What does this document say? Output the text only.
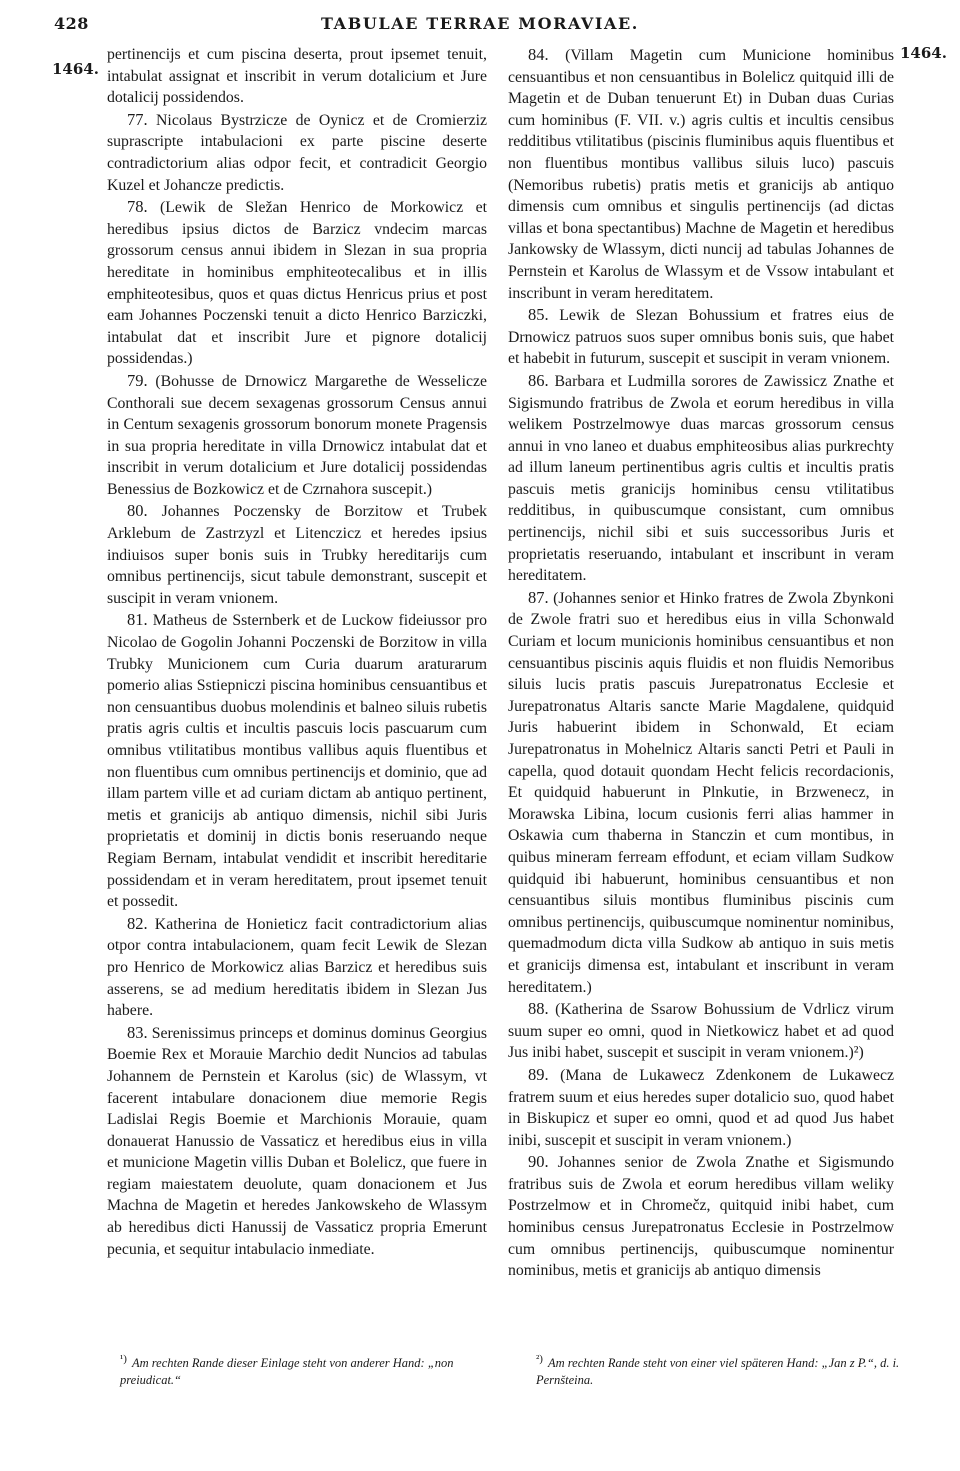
428	TABULAE TERRAE MORAVIAE.
1464.
1464.

pertinencijs et cum piscina deserta, prout ipsemet tenuit, intabulat assignat et inscribit in verum dotalicium et Jure dotalicij possidendos.

77. Nicolaus Bystrzicze de Oynicz et de Cromierziz suprascripte intabulacioni ex parte piscine deserte contradictorium alias odpor fecit, et contradicit Georgio Kuzel et Johancze predictis.

78. (Lewik de Sležan Henrico de Morkowicz et heredibus ipsius dictos de Barzicz vndecim marcas grossorum census annui ibidem in Slezan in sua propria hereditate in hominibus emphiteotecalibus et in illis emphiteotesibus, quos et quas dictus Henricus prius et post eam Johannes Poczenski tenuit a dicto Henrico Barziczki, intabulat dat et inscribit Jure et pignore dotalicij possidendas.)

79. (Bohusse de Drnowicz Margarethe de Wesselicze Conthorali sue decem sexagenas grossorum Census annui in Centum sexagenis grossorum bonorum monete Pragensis in sua propria hereditate in villa Drnowicz intabulat dat et inscribit in verum dotalicium et Jure dotalicij possidendas Benessius de Bozkowicz et de Czrnahora suscepit.)

80. Johannes Poczensky de Borzitow et Trubek Arklebum de Zastrzyzl et Litenczicz et heredes ipsius indiuisos super bonis suis in Trubky hereditarijs cum omnibus pertinencijs, sicut tabule demonstrant, suscepit et suscipit in veram vnionem.

81. Matheus de Ssternberk et de Luckow fideiussor pro Nicolao de Gogolin Johanni Poczenski de Borzitow in villa Trubky Municionem cum Curia duarum araturarum pomerio alias Sstiepniczi piscina hominibus censuantibus et non censuantibus duobus molendinis et balneo siluis rubetis pratis agris cultis et incultis pascuis locis pascuarum cum omnibus vtilitatibus montibus vallibus aquis fluentibus et non fluentibus cum omnibus pertinencijs et dominio, que ad illam partem ville et ad curiam dictam ab antiquo pertinent, metis et granicijs ab antiquo dimensis, nichil sibi Juris proprietatis et dominij in dictis bonis reseruando neque Regiam Bernam, intabulat vendidit et inscribit hereditarie possidendam et in veram hereditatem, prout ipsemet tenuit et possedit.

82. Katherina de Honieticz facit contradictorium alias otpor contra intabulacionem, quam fecit Lewik de Slezan pro Henrico de Morkowicz alias Barzicz et heredibus suis asserens, se ad medium hereditatis ibidem in Slezan Jus habere.

83. Serenissimus princeps et dominus dominus Georgius Boemie Rex et Morauie Marchio dedit Nuncios ad tabulas Johannem de Pernstein et Karolus (sic) de Wlassym, vt facerent intabulare donacionem diue memorie Regis Ladislai Regis Boemie et Marchionis Morauie, quam donauerat Hanussio de Vassaticz et heredibus eius in villa et municione Magetin villis Duban et Bolelicz, que fuere in regiam maiestatem deuolute, quam donacionem et Jus Machna de Magetin et heredes Jankowskeho de Wlassym ab heredibus dicti Hanussij de Vassaticz propria Emerunt pecunia, et sequitur intabulacio inmediate.

84. (Villam Magetin cum Municione hominibus censuantibus et non censuantibus in Bolelicz quitquid illi de Magetin et de Duban tenuerunt Et) in Duban duas Curias cum hominibus (F. VII. v.) agris cultis et incultis censibus redditibus vtilitatibus (piscinis fluminibus aquis fluentibus et non fluentibus montibus vallibus siluis luco) pascuis (Nemoribus rubetis) pratis metis et granicijs ab antiquo dimensis cum omnibus et singulis pertinencijs (ad dictas villas et bona spectantibus) Machne de Magetin et heredibus Jankowsky de Wlassym, dicti nuncij ad tabulas Johannes de Pernstein et Karolus de Wlassym et de Vssow intabulant et inscribunt in veram hereditatem.

85. Lewik de Slezan Bohussium et fratres eius de Drnowicz patruos suos super omnibus bonis suis, que habet et habebit in futurum, suscepit et suscipit in veram vnionem.

86. Barbara et Ludmilla sorores de Zawissicz Znathe et Sigismundo fratribus de Zwola et eorum heredibus in villa welikem Postrzelmowye duas marcas grossorum census annui in vno laneo et duabus emphiteosibus alias purkrechty ad illum laneum pertinentibus agris cultis et incultis pratis pascuis metis granicijs hominibus censu vtilitatibus redditibus, in quibuscumque consistant, cum omnibus pertinencijs, nichil sibi et suis successoribus Juris et proprietatis reseruando, intabulant et inscribunt in veram hereditatem.

87. (Johannes senior et Hinko fratres de Zwola Zbynkoni de Zwole fratri suo et heredibus eius in villa Schonwald Curiam et locum municionis hominibus censuantibus et non censuantibus piscinis aquis fluidis et non fluidis Nemoribus siluis lucis pratis pascuis Jurepatronatus Ecclesie et Jurepatronatus Altaris sancte Marie Magdalene, quidquid Juris habuerint ibidem in Schonwald, Et eciam Jurepatronatus in Mohelnicz Altaris sancti Petri et Pauli in capella, quod dotauit quondam Hecht felicis recordacionis, Et quidquid habuerunt in Plnkutie, in Brzwenecz, in Morawska Libina, locum cusionis ferri alias hammer in Oskawia cum thaberna in Stanczin et cum montibus, in quibus mineram ferream effodunt, et eciam villam Sudkow quidquid ibi habuerunt, hominibus censuantibus et non censuantibus siluis montibus fluminibus piscinis cum omnibus pertinencijs, quibuscumque nominentur nominibus, quemadmodum dicta villa Sudkow ab antiquo in suis metis et granicijs dimensa est, intabulant et inscribunt in veram hereditatem.)

88. (Katherina de Ssarow Bohussium de Vdrlicz virum suum super eo omni, quod in Nietkowicz habet et ad quod Jus inibi habet, suscepit et suscipit in veram vnionem.)²)

89. (Mana de Lukawecz Zdenkonem de Lukawecz fratrem suum et eius heredes super dotalicio suo, quod habet in Biskupicz et super eo omni, quod et ad quod Jus habet inibi, suscepit et suscipit in veram vnionem.)

90. Johannes senior de Zwola Znathe et Sigismundo fratribus suis de Zwola et eorum heredibus villam weliky Postrzelmow et in Chromečz, quitquid inibi habet, cum hominibus census Jurepatronatus Ecclesie in Postrzelmow cum omnibus pertinencijs, quibuscumque nominentur nominibus, metis et granicijs ab antiquo dimensis

¹) Am rechten Rande dieser Einlage steht von anderer Hand: „non preiudicat.“
²) Am rechten Rande steht von einer viel späteren Hand: „Jan z P.“, d. i. Pernšteina.
